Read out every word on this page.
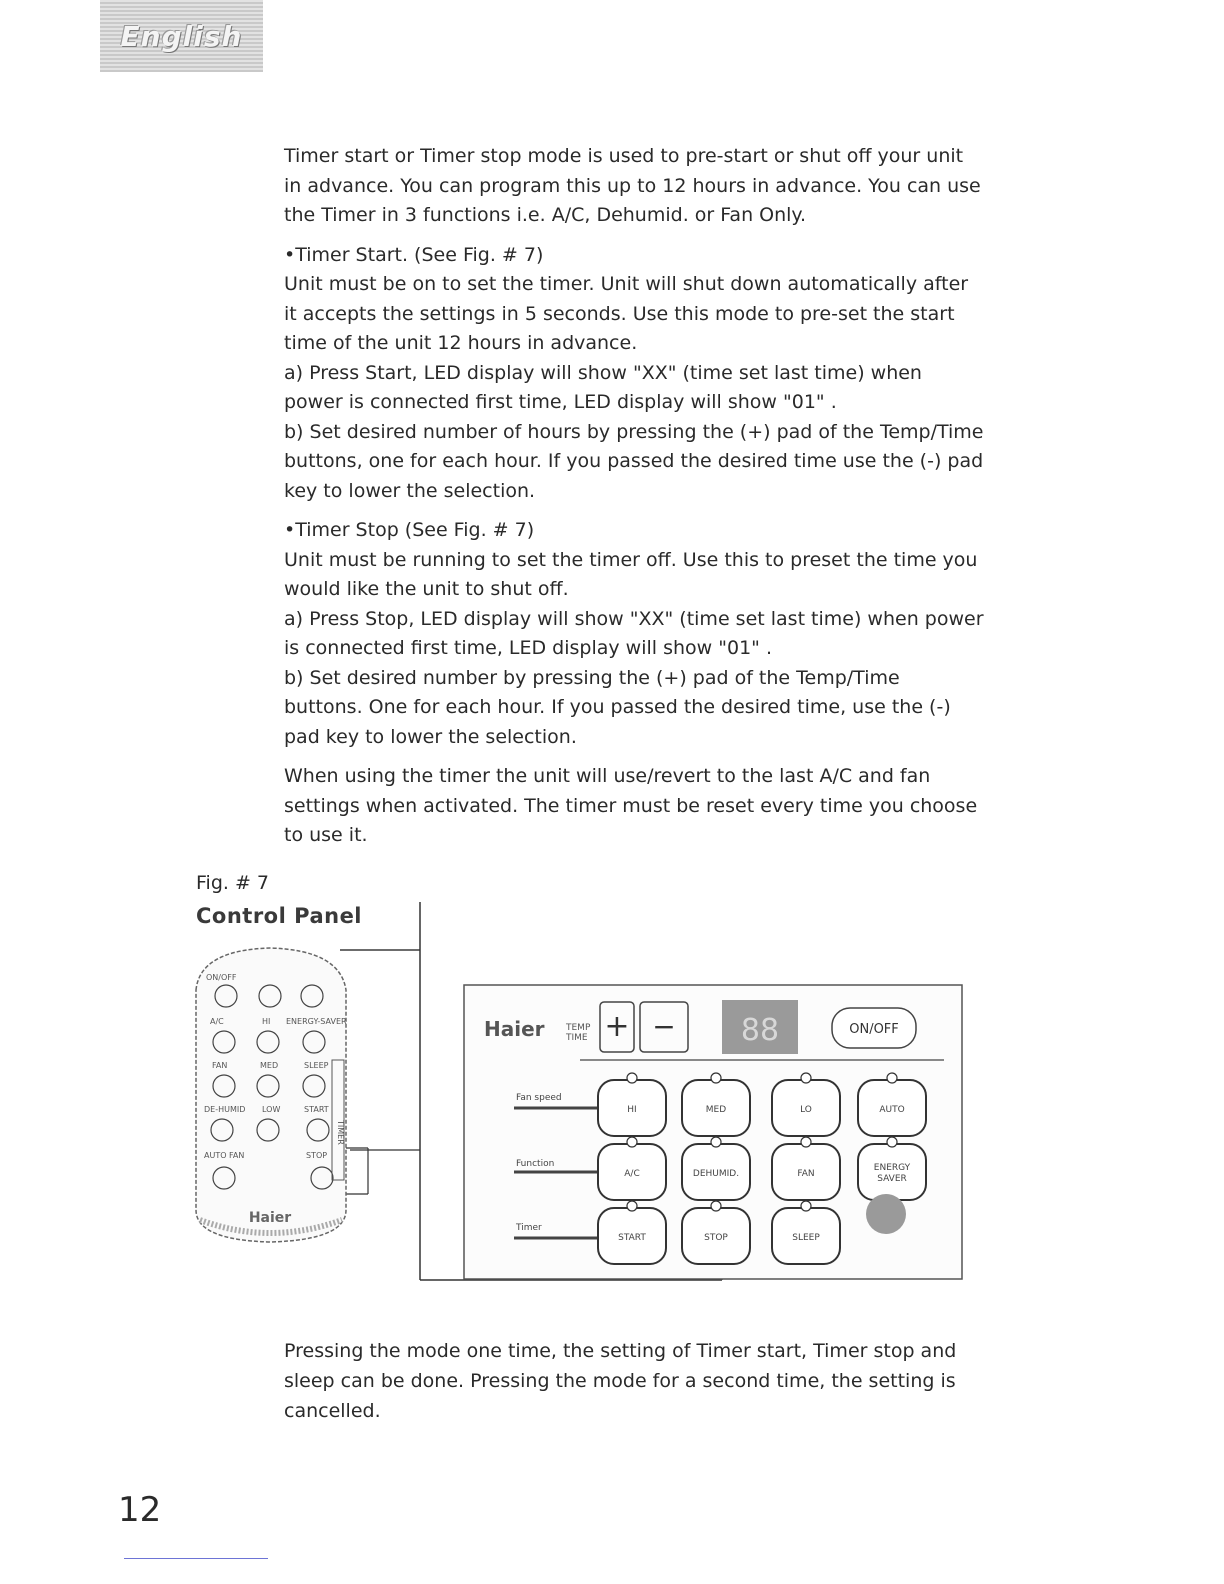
English

Timer start or Timer stop mode is used to pre-start or shut off your unit in advance. You can program this up to 12 hours in advance. You can use the Timer in 3 functions i.e. A/C, Dehumid. or Fan Only.

•Timer Start. (See Fig. # 7)

Unit must be on to set the timer. Unit will shut down automatically after it accepts the settings in 5 seconds. Use this mode to pre-set the start time of the unit 12 hours in advance.

a) Press Start, LED display will show "XX" (time set last time) when power is connected first time, LED display will show "01" .

b) Set desired number of hours by pressing the (+) pad of the Temp/Time buttons, one for each hour. If you passed the desired time use the (-) pad key to lower the selection.

•Timer Stop (See Fig. # 7)

Unit must be running to set the timer off. Use this to preset the time you would like the unit to shut off.

a) Press Stop, LED display will show "XX" (time set last time) when power is connected first time, LED display will show "01" .

b) Set desired number by pressing the (+) pad of the Temp/Time buttons. One for each hour. If you passed the desired time, use the (-) pad key to lower the selection.

When using the timer the unit will use/revert to the last A/C and fan settings when activated. The timer must be reset every time you choose to use it.

Fig. # 7
Control Panel
ON/OFF
A/C	HI ENERGY-SAVER
FAN	MED	SLEEP
DE-HUMID LOW	START
AUTO FAN	STOP
TIMER
Haier
Haier TEMP
TIME + − 88	ON/OFF
Fan speed
Function
Timer
HI	MED	LO	AUTO
A/C	DEHUMID.	FAN
ENERGY
SAVER
START	STOP	SLEEP
Pressing the mode one time, the setting of Timer start, Timer stop and sleep can be done. Pressing the mode for a second time, the setting is cancelled.
12
